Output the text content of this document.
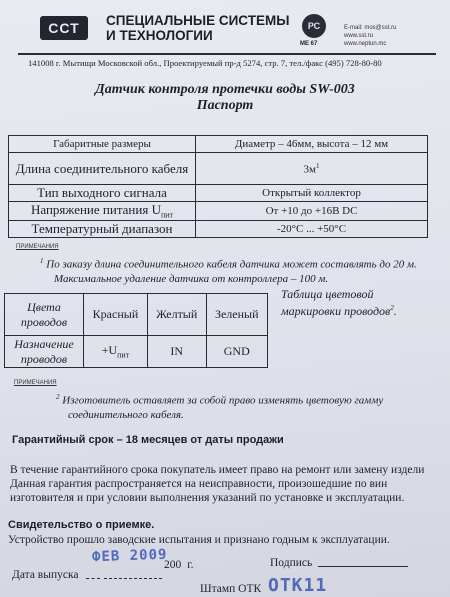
ССТ	СПЕЦИАЛЬНЫЕ СИСТЕМЫ
И ТЕХНОЛОГИИ
РС
МЕ 67
E-mail: mos@sst.ru
www.sst.ru
www.neptun.mc
141008 г. Мытищи Московской обл., Проектируемый пр-д 5274, стр. 7, тел./факс (495) 728-80-80
Датчик контроля протечки воды SW-003
Паспорт
Габаритные размеры	Диаметр – 46мм, высота – 12 мм
Длина соединительного кабеля	$3м^1$
Тип выходного сигнала	Открытый коллектор
Напряжение питания $U_{пит}$	От +10 до +16В DC
Температурный диапазон	-20°С ... +50°С
ПРИМЕЧАНИЯ
$^1$ По заказу длина соединительного кабеля датчика может составлять до 20 м.
Максимальное удаление датчика от контроллера – 100 м.
Цвета проводов	Красный	Желтый	Зеленый
Назначение проводов	$+U_{пит}$	IN	GND
Таблица цветовой маркировки проводов$^2$.
ПРИМЕЧАНИЯ
$^2$ Изготовитель оставляет за собой право изменять цветовую гамму
соединительного кабеля.
Гарантийный срок – 18 месяцев от даты продажи
В течение гарантийного срока покупатель имеет право на ремонт или замену издели
Данная гарантия распространяется на неисправности, произошедшие по вин
изготовителя и при условии выполнения указаний по установке и эксплуатации.
Свидетельство о приемке.
Устройство прошло заводские испытания и признано годным к эксплуатации.
Дата выпуска
ФЕВ 2009
200 г.	Подпись
Штамп ОТК ОТК11
